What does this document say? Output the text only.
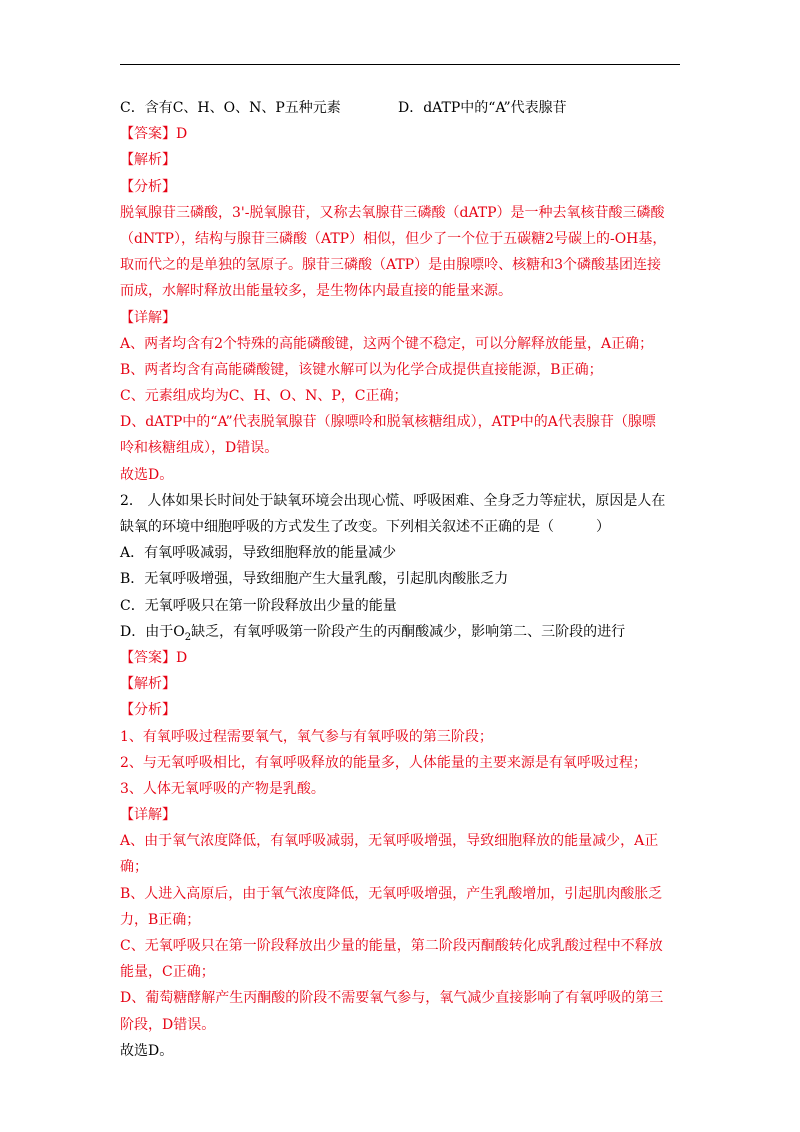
C．含有C、H、O、N、P五种元素	D．dATP中的“A”代表腺苷
【答案】D
【解析】
【分析】
脱氧腺苷三磷酸，3'-脱氧腺苷，又称去氧腺苷三磷酸（dATP）是一种去氧核苷酸三磷酸
（dNTP），结构与腺苷三磷酸（ATP）相似，但少了一个位于五碳糖2号碳上的-OH基，
取而代之的是单独的氢原子。腺苷三磷酸（ATP）是由腺嘌呤、核糖和3个磷酸基团连接
而成，水解时释放出能量较多，是生物体内最直接的能量来源。
【详解】
A、两者均含有2个特殊的高能磷酸键，这两个键不稳定，可以分解释放能量，A正确；
B、两者均含有高能磷酸键，该键水解可以为化学合成提供直接能源，B正确；
C、元素组成均为C、H、O、N、P，C正确；
D、dATP中的“A”代表脱氧腺苷（腺嘌呤和脱氧核糖组成），ATP中的A代表腺苷（腺嘌
呤和核糖组成），D错误。
故选D。
2． 人体如果长时间处于缺氧环境会出现心慌、呼吸困难、全身乏力等症状，原因是人在
缺氧的环境中细胞呼吸的方式发生了改变。下列相关叙述不正确的是（　　　）
A．有氧呼吸减弱，导致细胞释放的能量减少
B．无氧呼吸增强，导致细胞产生大量乳酸，引起肌肉酸胀乏力
C．无氧呼吸只在第一阶段释放出少量的能量
D．由于$O_2$缺乏，有氧呼吸第一阶段产生的丙酮酸减少，影响第二、三阶段的进行
【答案】D
【解析】
【分析】
1、有氧呼吸过程需要氧气，氧气参与有氧呼吸的第三阶段；
2、与无氧呼吸相比，有氧呼吸释放的能量多，人体能量的主要来源是有氧呼吸过程；
3、人体无氧呼吸的产物是乳酸。
【详解】
A、由于氧气浓度降低，有氧呼吸减弱，无氧呼吸增强，导致细胞释放的能量减少，A正
确；
B、人进入高原后，由于氧气浓度降低，无氧呼吸增强，产生乳酸增加，引起肌肉酸胀乏
力，B正确；
C、无氧呼吸只在第一阶段释放出少量的能量，第二阶段丙酮酸转化成乳酸过程中不释放
能量，C正确；
D、葡萄糖酵解产生丙酮酸的阶段不需要氧气参与，氧气减少直接影响了有氧呼吸的第三
阶段，D错误。
故选D。
